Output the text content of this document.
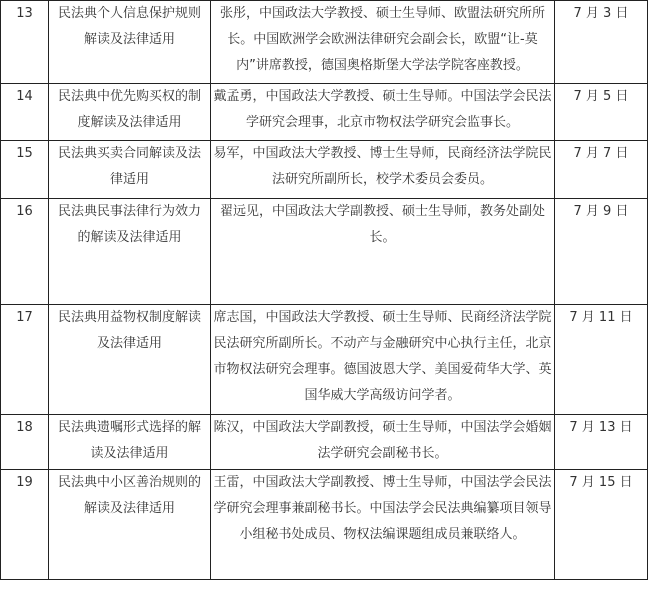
13	民法典个人信息保护规则解读及法律适用	张彤，中国政法大学教授、硕士生导师、欧盟法研究所所长。中国欧洲学会欧洲法律研究会副会长，欧盟“让-莫内”讲席教授，德国奥格斯堡大学法学院客座教授。	7 月 3 日
14	民法典中优先购买权的制度解读及法律适用	戴孟勇，中国政法大学教授、硕士生导师。中国法学会民法学研究会理事，北京市物权法学研究会监事长。	7 月 5 日
15	民法典买卖合同解读及法律适用	易军，中国政法大学教授、博士生导师，民商经济法学院民法研究所副所长，校学术委员会委员。	7 月 7 日
16	民法典民事法律行为效力的解读及法律适用	翟远见，中国政法大学副教授、硕士生导师，教务处副处长。	7 月 9 日
17	民法典用益物权制度解读及法律适用	席志国，中国政法大学教授、硕士生导师、民商经济法学院民法研究所副所长。不动产与金融研究中心执行主任，北京市物权法研究会理事。德国波恩大学、美国爱荷华大学、英国华威大学高级访问学者。	7 月 11 日
18	民法典遗嘱形式选择的解读及法律适用	陈汉，中国政法大学副教授，硕士生导师，中国法学会婚姻法学研究会副秘书长。	7 月 13 日
19	民法典中小区善治规则的解读及法律适用	王雷，中国政法大学副教授、博士生导师，中国法学会民法学研究会理事兼副秘书长。中国法学会民法典编纂项目领导小组秘书处成员、物权法编课题组成员兼联络人。	7 月 15 日
